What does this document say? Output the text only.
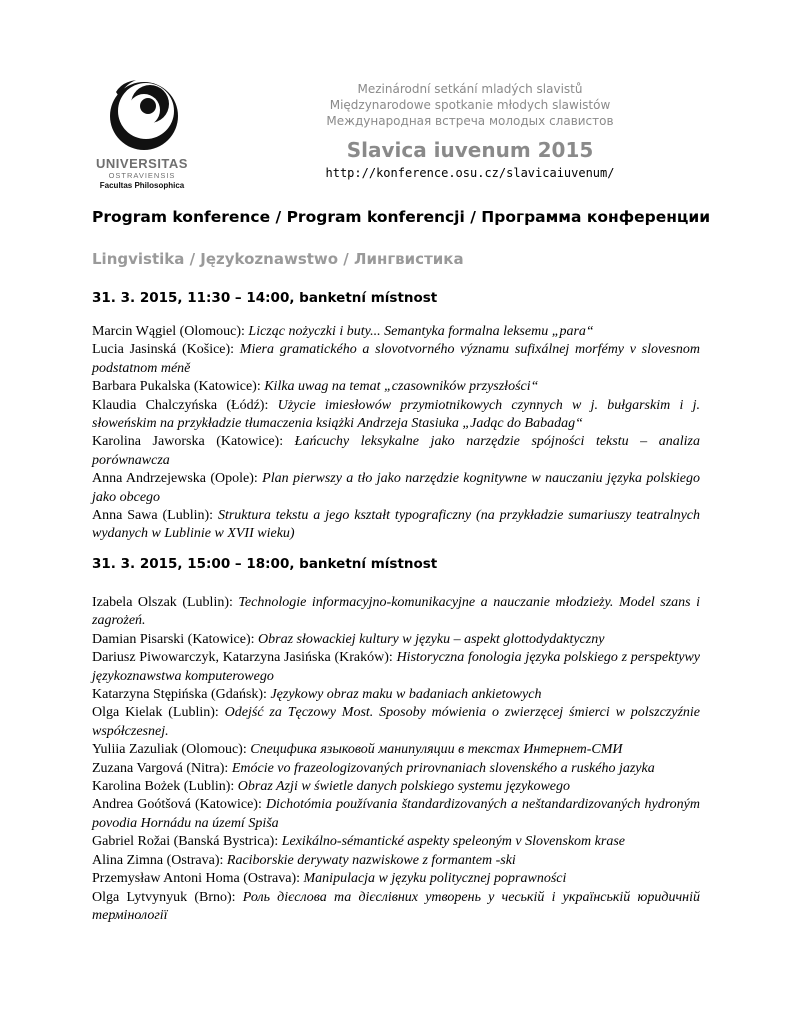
UNIVERSITAS
OSTRAVIENSIS
Facultas Philosophica
Mezinárodní setkání mladých slavistů
Międzynarodowe spotkanie młodych slawistów
Международная встреча молодых славистов
Slavica iuvenum 2015
http://konference.osu.cz/slavicaiuvenum/
Program konference / Program konferencji / Программа конференции
Lingvistika / Językoznawstwo / Лингвистика
31. 3. 2015, 11:30 – 14:00, banketní místnost

Marcin Wągiel (Olomouc): Licząc nożyczki i buty... Semantyka formalna leksemu „para“

Lucia Jasinská (Košice): Miera gramatického a slovotvorného významu sufixálnej morfémy v slovesnom podstatnom méně

Barbara Pukalska (Katowice): Kilka uwag na temat „czasowników przyszłości“

Klaudia Chalczyńska (Łódź): Użycie imiesłowów przymiotnikowych czynnych w j. bułgarskim i j. słoweńskim na przykładzie tłumaczenia książki Andrzeja Stasiuka „Jadąc do Babadag“

Karolina Jaworska (Katowice): Łańcuchy leksykalne jako narzędzie spójności tekstu – analiza porównawcza

Anna Andrzejewska (Opole): Plan pierwszy a tło jako narzędzie kognitywne w nauczaniu języka polskiego jako obcego

Anna Sawa (Lublin): Struktura tekstu a jego kształt typograficzny (na przykładzie sumariuszy teatralnych wydanych w Lublinie w XVII wieku)

31. 3. 2015, 15:00 – 18:00, banketní místnost

Izabela Olszak (Lublin): Technologie informacyjno-komunikacyjne a nauczanie młodzieży. Model szans i zagrożeń.

Damian Pisarski (Katowice): Obraz słowackiej kultury w języku – aspekt glottodydaktyczny

Dariusz Piwowarczyk, Katarzyna Jasińska (Kraków): Historyczna fonologia języka polskiego z perspektywy językoznawstwa komputerowego

Katarzyna Stępińska (Gdańsk): Językowy obraz maku w badaniach ankietowych

Olga Kielak (Lublin): Odejść za Tęczowy Most. Sposoby mówienia o zwierzęcej śmierci w polszczyźnie współczesnej.

Yuliia Zazuliak (Olomouc): Специфика языковой манипуляции в текстах Интернет-СМИ

Zuzana Vargová (Nitra): Emócie vo frazeologizovaných prirovnaniach slovenského a ruského jazyka

Karolina Bożek (Lublin): Obraz Azji w świetle danych polskiego systemu językowego

Andrea Goótšová (Katowice): Dichotómia používania štandardizovaných a neštandardizovaných hydroným povodia Hornádu na území Spiša

Gabriel Rožai (Banská Bystrica): Lexikálno-sémantické aspekty speleoným v Slovenskom krase

Alina Zimna (Ostrava): Raciborskie derywaty nazwiskowe z formantem -ski

Przemysław Antoni Homa (Ostrava): Manipulacja w języku politycznej poprawności

Olga Lytvynyuk (Brno): Роль дієслова та дієслівних утворень у чеській і українській юридичній термінології
